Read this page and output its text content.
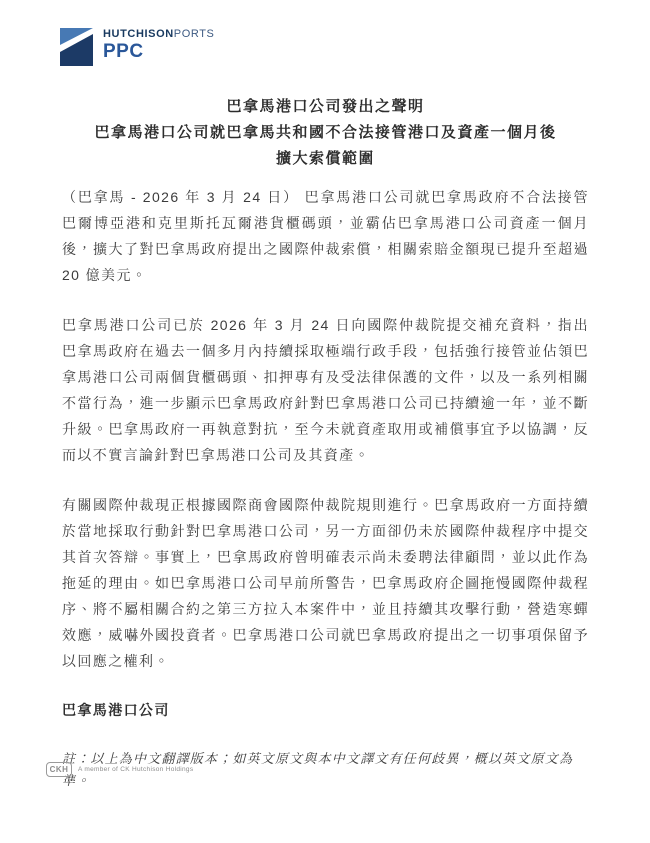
HUTCHISONPORTS
PPC
巴拿馬港口公司發出之聲明
巴拿馬港口公司就巴拿馬共和國不合法接管港口及資產一個月後
擴大索償範圍

（巴拿馬 - 2026 年 3 月 24 日） 巴拿馬港口公司就巴拿馬政府不合法接管巴爾博亞港和克里斯托瓦爾港貨櫃碼頭，並霸佔巴拿馬港口公司資產一個月後，擴大了對巴拿馬政府提出之國際仲裁索償，相關索賠金額現已提升至超過 20 億美元。

巴拿馬港口公司已於 2026 年 3 月 24 日向國際仲裁院提交補充資料，指出巴拿馬政府在過去一個多月內持續採取極端行政手段，包括強行接管並佔領巴拿馬港口公司兩個貨櫃碼頭、扣押專有及受法律保護的文件，以及一系列相關不當行為，進一步顯示巴拿馬政府針對巴拿馬港口公司已持續逾一年，並不斷升級。巴拿馬政府一再執意對抗，至今未就資產取用或補償事宜予以協調，反而以不實言論針對巴拿馬港口公司及其資產。

有關國際仲裁現正根據國際商會國際仲裁院規則進行。巴拿馬政府一方面持續於當地採取行動針對巴拿馬港口公司，另一方面卻仍未於國際仲裁程序中提交其首次答辯。事實上，巴拿馬政府曾明確表示尚未委聘法律顧問，並以此作為拖延的理由。如巴拿馬港口公司早前所警告，巴拿馬政府企圖拖慢國際仲裁程序、將不屬相關合約之第三方拉入本案件中，並且持續其攻擊行動，營造寒蟬效應，威嚇外國投資者。巴拿馬港口公司就巴拿馬政府提出之一切事項保留予以回應之權利。

巴拿馬港口公司
註：以上為中文翻譯版本；如英文原文與本中文譯文有任何歧異，概以英文原文為準。
CKH	A member of CK Hutchison Holdings
